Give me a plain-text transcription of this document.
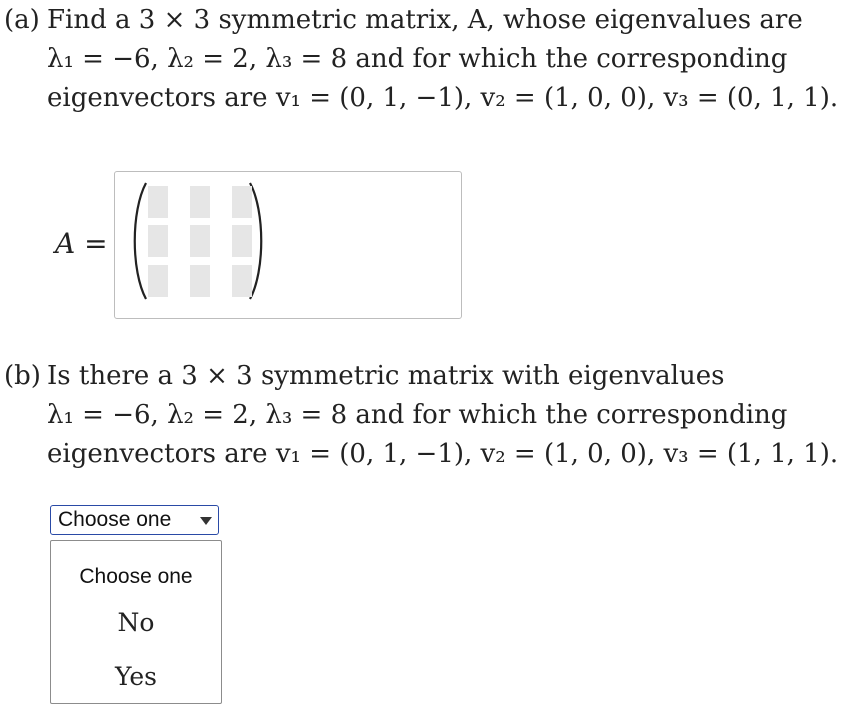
(a) Find a 3 × 3 symmetric matrix, A, whose eigenvalues are
λ₁ = −6, λ₂ = 2, λ₃ = 8 and for which the corresponding
eigenvectors are v₁ = (0, 1, −1), v₂ = (1, 0, 0), v₃ = (0, 1, 1).
A =
(b) Is there a 3 × 3 symmetric matrix with eigenvalues
λ₁ = −6, λ₂ = 2, λ₃ = 8 and for which the corresponding
eigenvectors are v₁ = (0, 1, −1), v₂ = (1, 0, 0), v₃ = (1, 1, 1).
Choose one
Choose one
No
Yes
